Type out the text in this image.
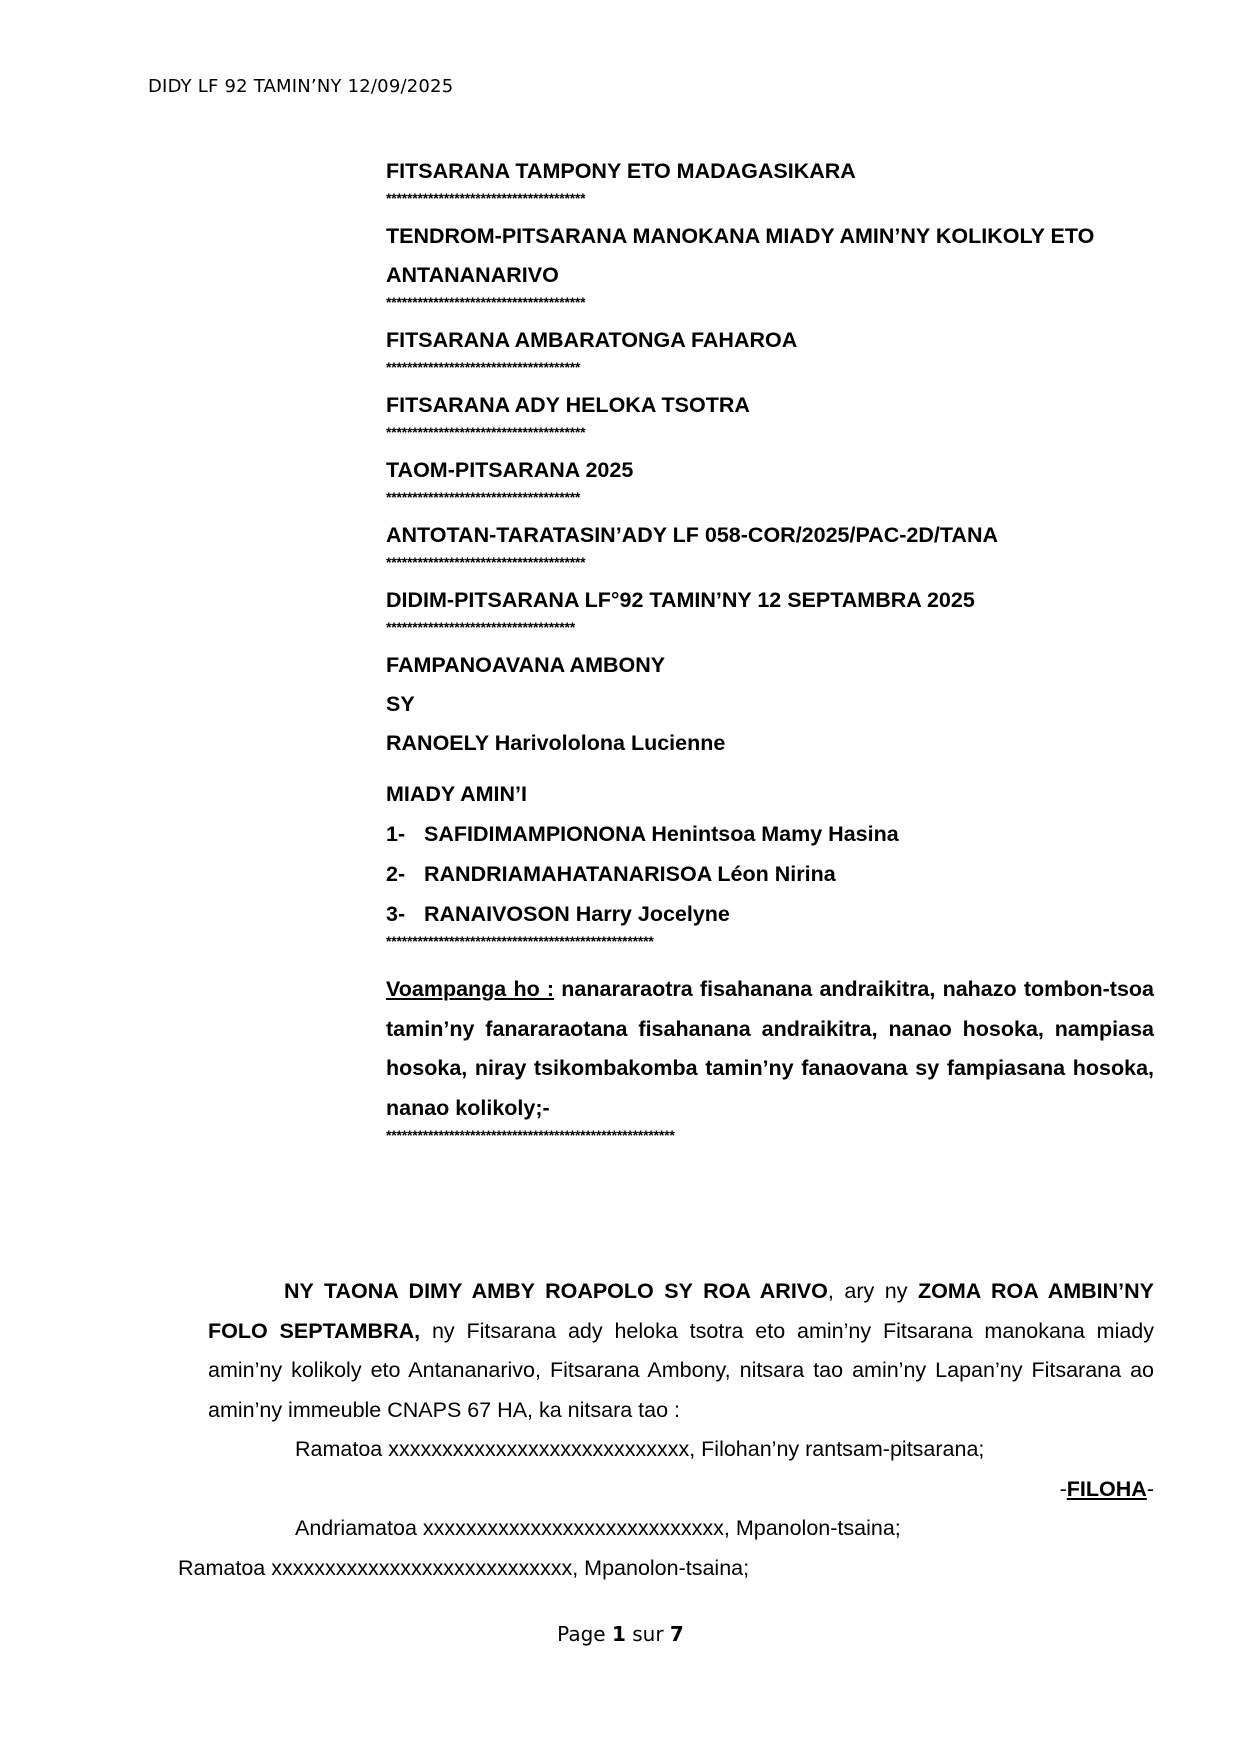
DIDY LF 92 TAMIN’NY 12/09/2025
FITSARANA TAMPONY ETO MADAGASIKARA
**************************************
TENDROM-PITSARANA MANOKANA MIADY AMIN’NY KOLIKOLY ETO ANTANANARIVO
**************************************
FITSARANA AMBARATONGA FAHAROA
*************************************
FITSARANA ADY HELOKA TSOTRA
**************************************
TAOM-PITSARANA 2025
*************************************
ANTOTAN-TARATASIN’ADY LF 058-COR/2025/PAC-2D/TANA
**************************************
DIDIM-PITSARANA LF°92 TAMIN’NY 12 SEPTAMBRA 2025
************************************
FAMPANOAVANA AMBONY
SY
RANOELY Harivololona Lucienne
MIADY AMIN’I
1- SAFIDIMAMPIONONA Henintsoa Mamy Hasina
2- RANDRIAMAHATANARISOA Léon Nirina
3- RANAIVOSON Harry Jocelyne
***************************************************
Voampanga ho : nanararaotra fisahanana andraikitra, nahazo tombon-tsoa tamin’ny fanararaotana fisahanana andraikitra, nanao hosoka, nampiasa hosoka, niray tsikombakomba tamin’ny fanaovana sy fampiasana hosoka, nanao kolikoly;-
*******************************************************
NY TAONA DIMY AMBY ROAPOLO SY ROA ARIVO, ary ny ZOMA ROA AMBIN’NY FOLO SEPTAMBRA, ny Fitsarana ady heloka tsotra eto amin’ny Fitsarana manokana miady amin’ny kolikoly eto Antananarivo, Fitsarana Ambony, nitsara tao amin’ny Lapan’ny Fitsarana ao amin’ny immeuble CNAPS 67 HA, ka nitsara tao :
Ramatoa xxxxxxxxxxxxxxxxxxxxxxxxxxxx, Filohan’ny rantsam-pitsarana;
-FILOHA-
Andriamatoa xxxxxxxxxxxxxxxxxxxxxxxxxxxx, Mpanolon-tsaina;
Ramatoa xxxxxxxxxxxxxxxxxxxxxxxxxxxx, Mpanolon-tsaina;
Page 1 sur 7
